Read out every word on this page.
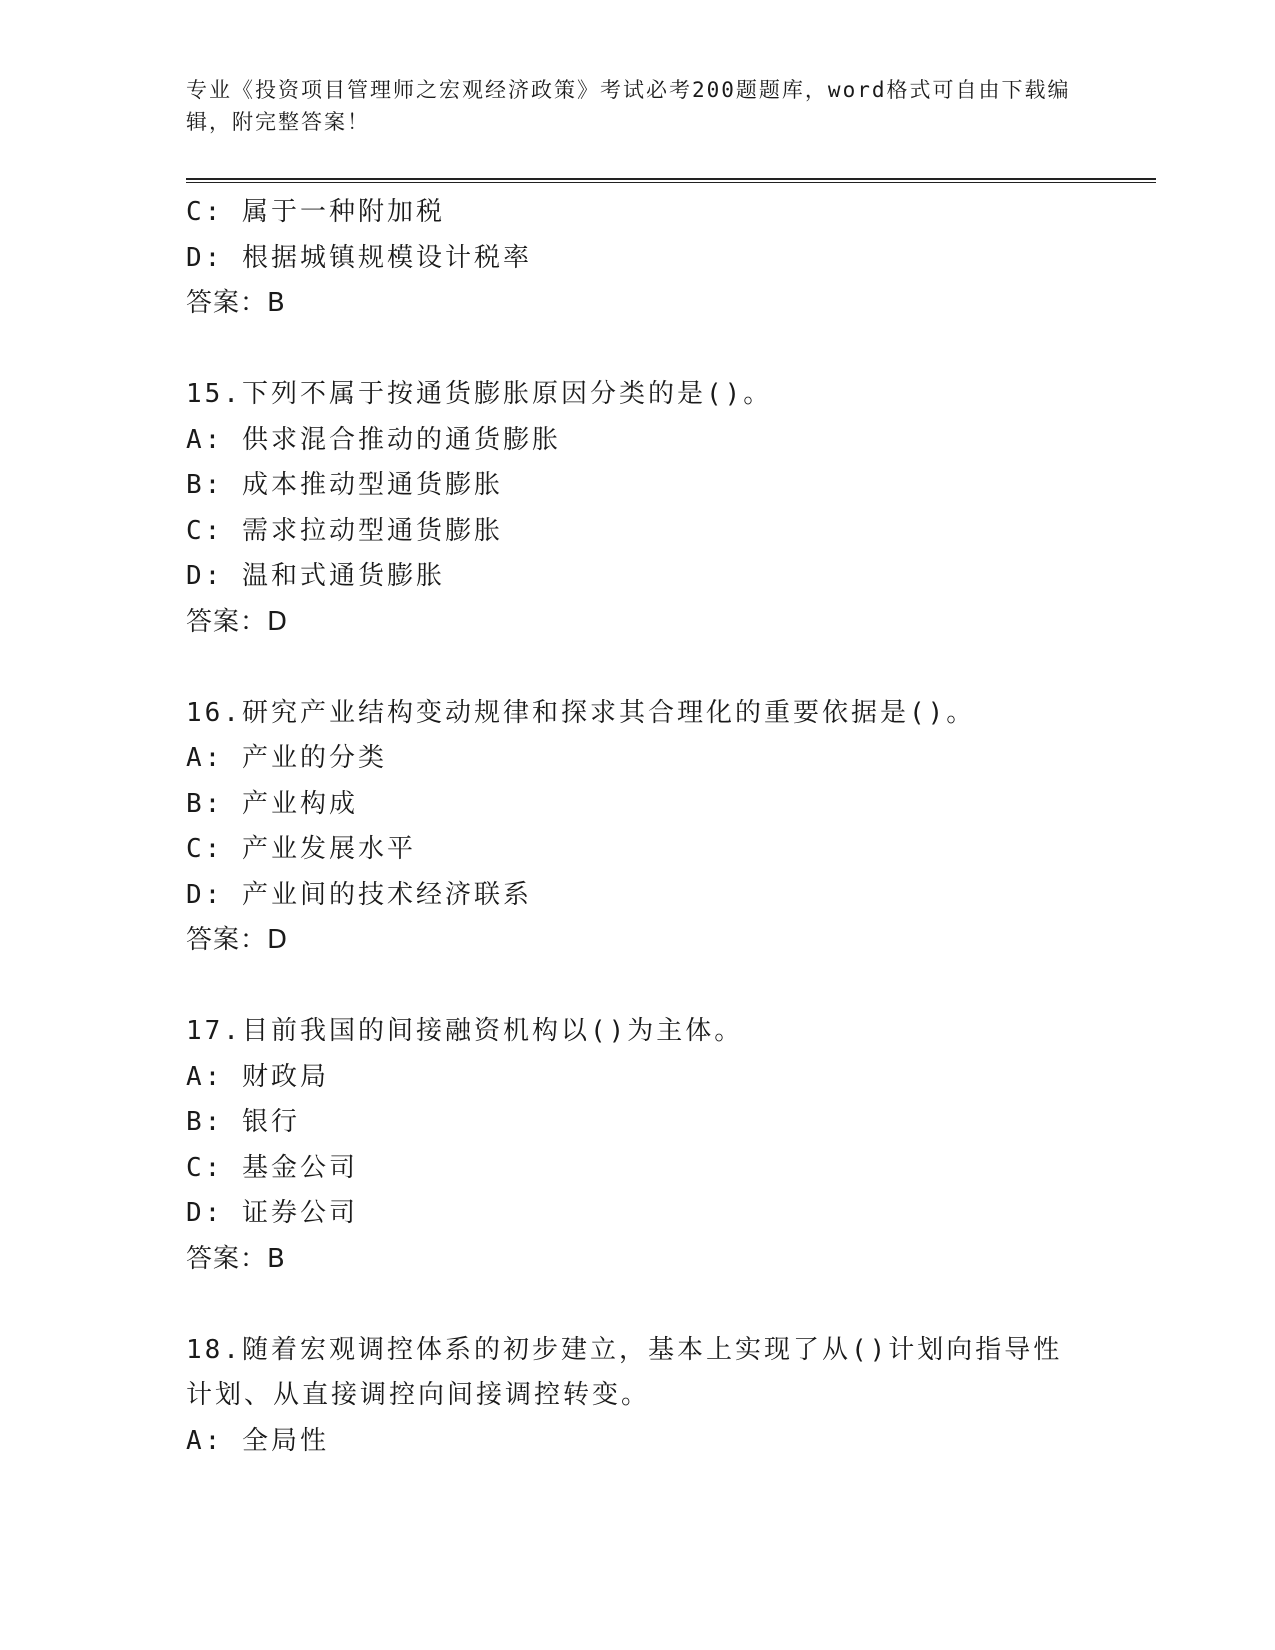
专业《投资项目管理师之宏观经济政策》考试必考200题题库，word格式可自由下载编辑，附完整答案！
C: 属于一种附加税
D: 根据城镇规模设计税率
答案：B
15.下列不属于按通货膨胀原因分类的是()。
A: 供求混合推动的通货膨胀
B: 成本推动型通货膨胀
C: 需求拉动型通货膨胀
D: 温和式通货膨胀
答案：D
16.研究产业结构变动规律和探求其合理化的重要依据是()。
A: 产业的分类
B: 产业构成
C: 产业发展水平
D: 产业间的技术经济联系
答案：D
17.目前我国的间接融资机构以()为主体。
A: 财政局
B: 银行
C: 基金公司
D: 证券公司
答案：B
18.随着宏观调控体系的初步建立，基本上实现了从()计划向指导性计划、从直接调控向间接调控转变。
A: 全局性
